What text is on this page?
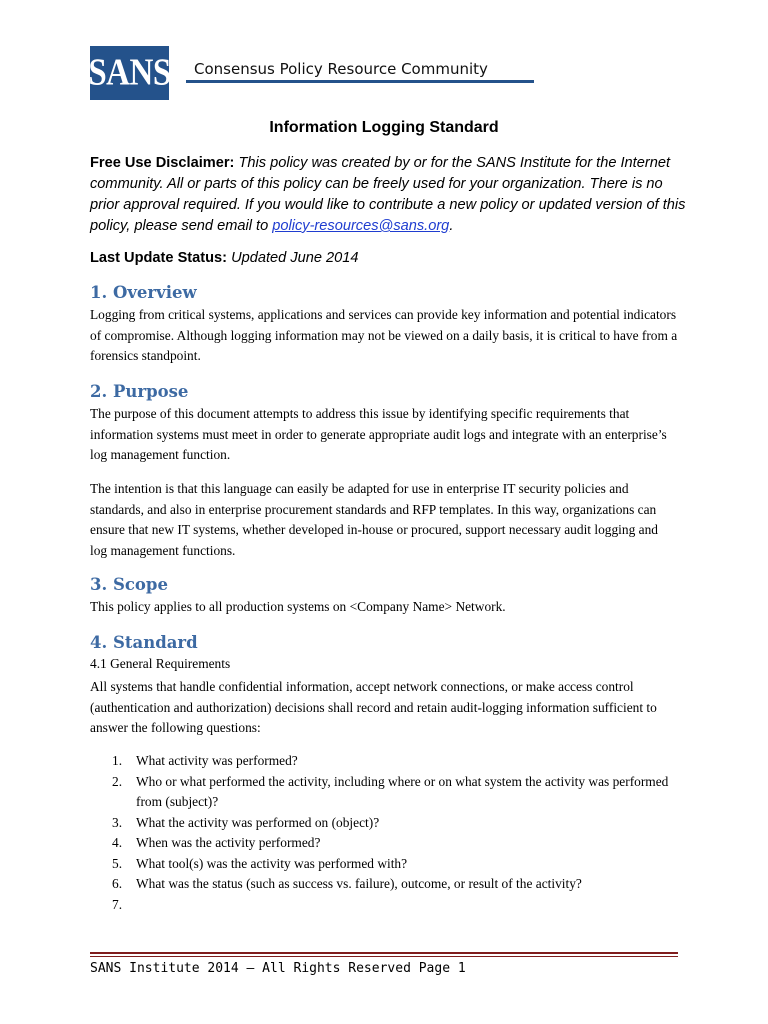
SANS Consensus Policy Resource Community
Information Logging Standard
Free Use Disclaimer: This policy was created by or for the SANS Institute for the Internet community. All or parts of this policy can be freely used for your organization. There is no prior approval required. If you would like to contribute a new policy or updated version of this policy, please send email to policy-resources@sans.org.
Last Update Status: Updated June 2014
1. Overview

Logging from critical systems, applications and services can provide key information and potential indicators of compromise. Although logging information may not be viewed on a daily basis, it is critical to have from a forensics standpoint.

2. Purpose

The purpose of this document attempts to address this issue by identifying specific requirements that information systems must meet in order to generate appropriate audit logs and integrate with an enterprise’s log management function.

The intention is that this language can easily be adapted for use in enterprise IT security policies and standards, and also in enterprise procurement standards and RFP templates. In this way, organizations can ensure that new IT systems, whether developed in-house or procured, support necessary audit logging and log management functions.

3. Scope

This policy applies to all production systems on <Company Name> Network.

4. Standard
4.1 General Requirements

All systems that handle confidential information, accept network connections, or make access control (authentication and authorization) decisions shall record and retain audit-logging information sufficient to answer the following questions:

1.	What activity was performed?
2.	Who or what performed the activity, including where or on what system the activity was performed from (subject)?
3.	What the activity was performed on (object)?
4.	When was the activity performed?
5.	What tool(s) was the activity was performed with?
6.	What was the status (such as success vs. failure), outcome, or result of the activity?
7.
SANS Institute 2014 – All Rights Reserved Page 1
